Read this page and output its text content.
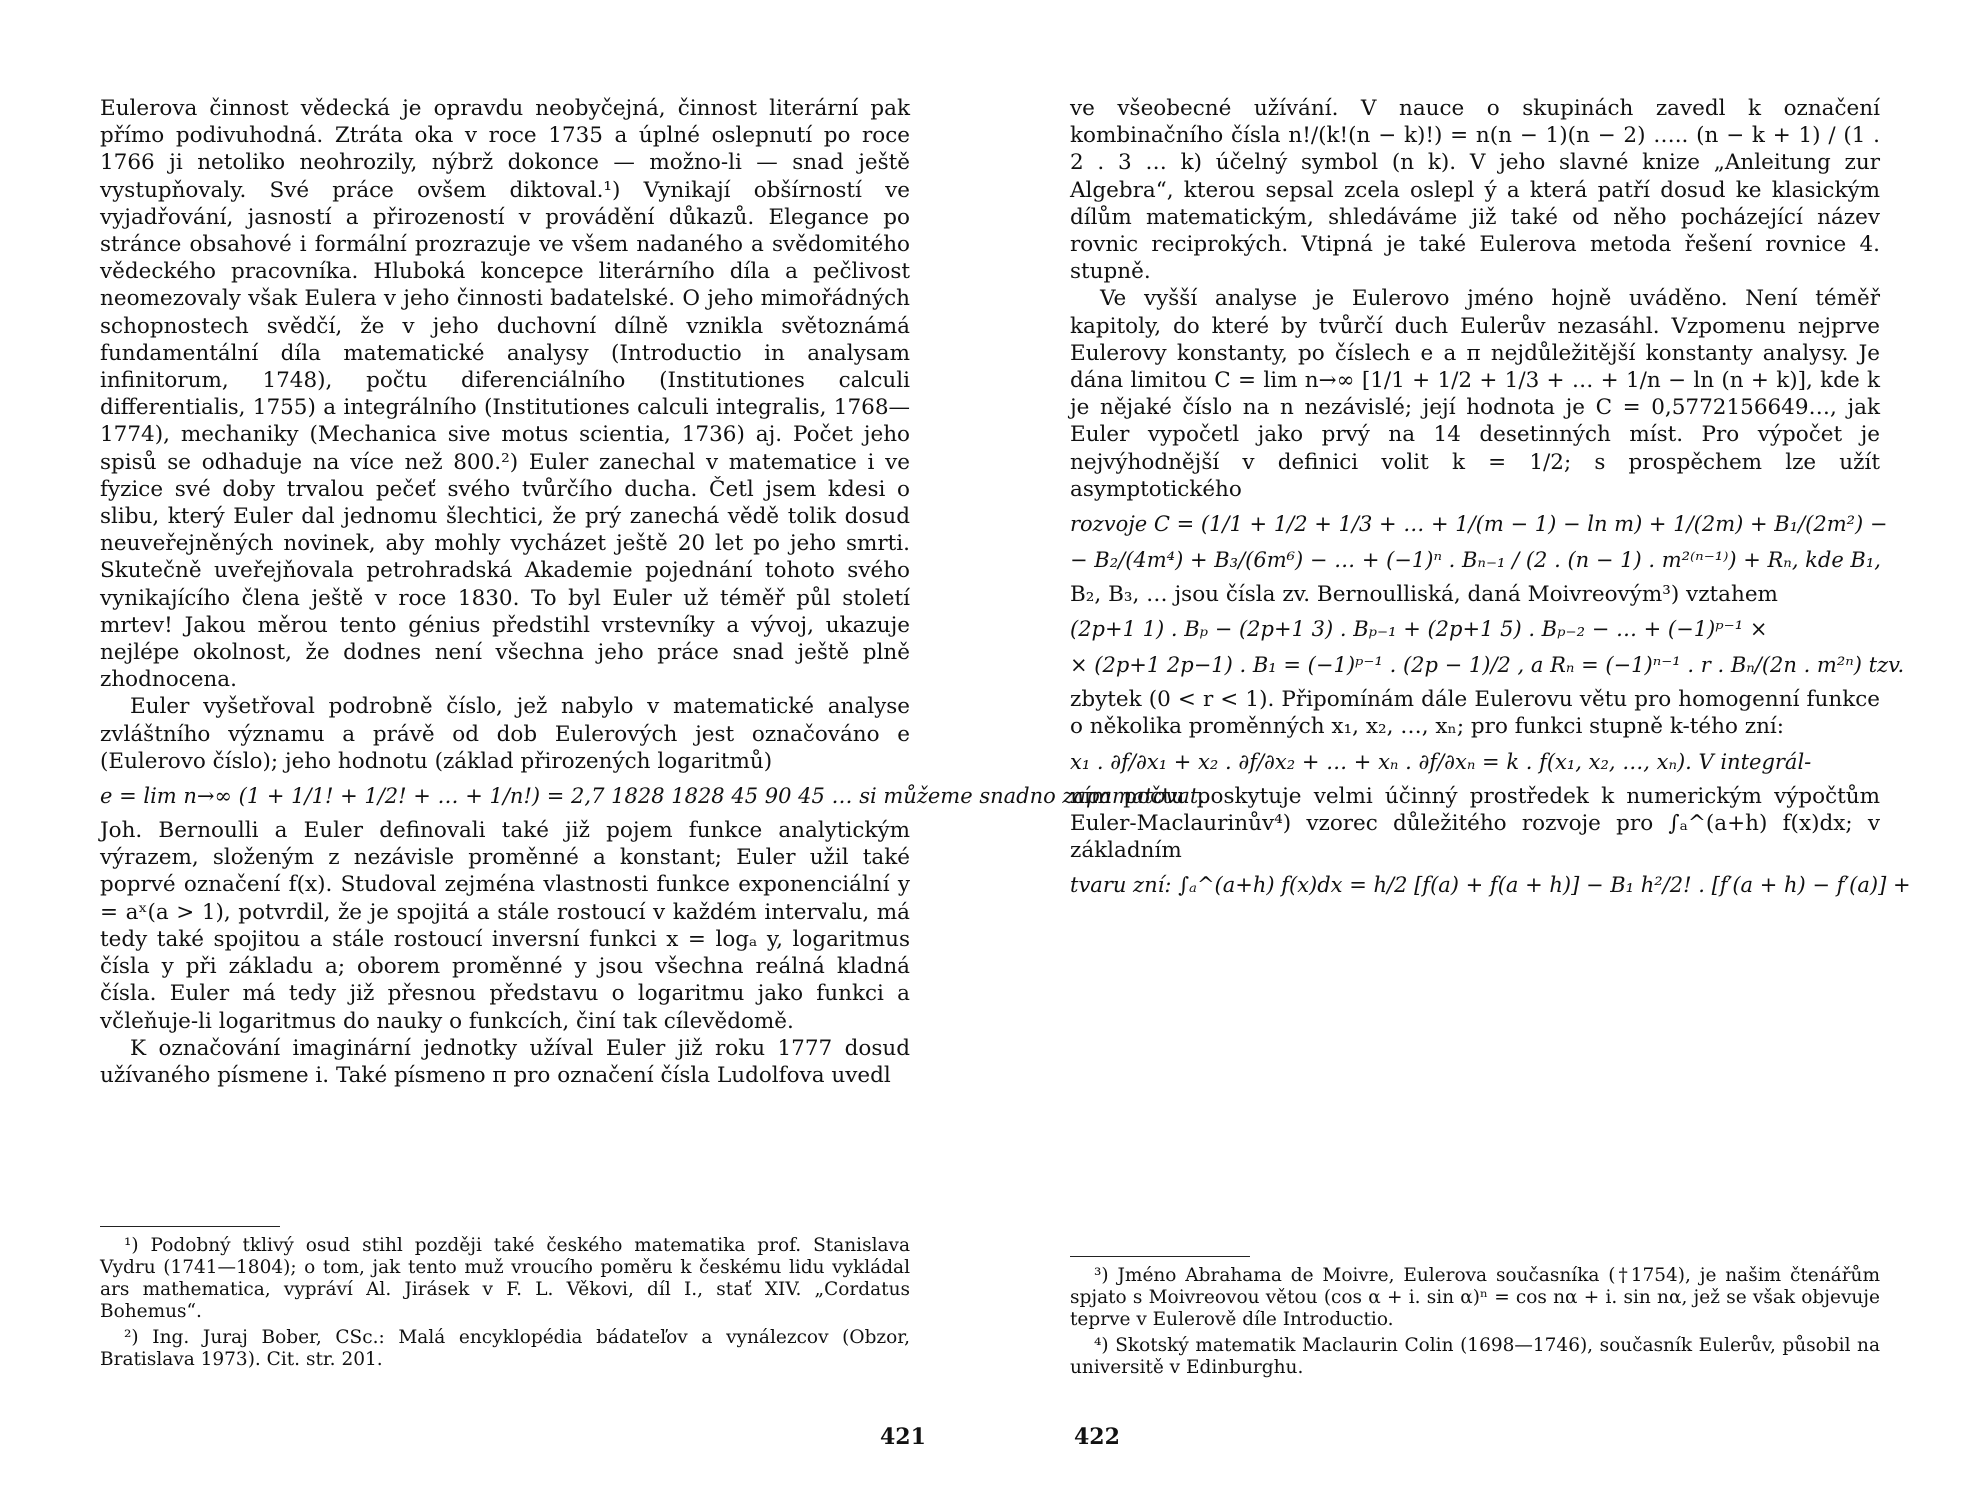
Eulerova činnost vědecká je opravdu neobyčejná, činnost literární pak přímo podivuhodná. Ztráta oka v roce 1735 a úplné oslepnutí po roce 1766 ji netoliko neohrozily, nýbrž dokonce — možno-li — snad ještě vystupňovaly. Své práce ovšem diktoval.¹) Vynikají obšírností ve vyjadřování, jasností a přirozeností v provádění důkazů. Elegance po stránce obsahové i formální prozrazuje ve všem nadaného a svědomitého vědeckého pracovníka. Hluboká koncepce literárního díla a pečlivost neomezovaly však Eulera v jeho činnosti badatelské. O jeho mimořádných schopnostech svědčí, že v jeho duchovní dílně vznikla světoznámá fundamentální díla matematické analysy (Introductio in analysam infinitorum, 1748), počtu diferenciálního (Institutiones calculi differentialis, 1755) a integrálního (Institutiones calculi integralis, 1768—1774), mechaniky (Mechanica sive motus scientia, 1736) aj. Počet jeho spisů se odhaduje na více než 800.²) Euler zanechal v matematice i ve fyzice své doby trvalou pečeť svého tvůrčího ducha. Četl jsem kdesi o slibu, který Euler dal jednomu šlechtici, že prý zanechá vědě tolik dosud neuveřejněných novinek, aby mohly vycházet ještě 20 let po jeho smrti. Skutečně uveřejňovala petrohradská Akademie pojednání tohoto svého vynikajícího člena ještě v roce 1830. To byl Euler už téměř půl století mrtev! Jakou měrou tento génius předstihl vrstevníky a vývoj, ukazuje nejlépe okolnost, že dodnes není všechna jeho práce snad ještě plně zhodnocena.

Euler vyšetřoval podrobně číslo, jež nabylo v matematické analyse zvláštního významu a právě od dob Eulerových jest označováno e (Eulerovo číslo); jeho hodnotu (základ přirozených logaritmů)

e = lim n→∞ (1 + 1/1! + 1/2! + … + 1/n!) = 2,7 1828 1828 45 90 45 … si můžeme snadno zapamatovat.

Joh. Bernoulli a Euler definovali také již pojem funkce analytickým výrazem, složeným z nezávisle proměnné a konstant; Euler užil také poprvé označení f(x). Studoval zejména vlastnosti funkce exponenciální y = aˣ(a > 1), potvrdil, že je spojitá a stále rostoucí v každém intervalu, má tedy také spojitou a stále rostoucí inversní funkci x = logₐ y, logaritmus čísla y při základu a; oborem proměnné y jsou všechna reálná kladná čísla. Euler má tedy již přesnou představu o logaritmu jako funkci a včleňuje-li logaritmus do nauky o funkcích, činí tak cílevědomě.

K označování imaginární jednotky užíval Euler již roku 1777 dosud užívaného písmene i. Také písmeno π pro označení čísla Ludolfova uvedl

¹) Podobný tklivý osud stihl později také českého matematika prof. Stanislava Vydru (1741—1804); o tom, jak tento muž vroucího poměru k českému lidu vykládal ars mathematica, vypráví Al. Jirásek v F. L. Věkovi, díl I., stať XIV. „Cordatus Bohemus“.

²) Ing. Juraj Bober, CSc.: Malá encyklopédia bádateľov a vynálezcov (Obzor, Bratislava 1973). Cit. str. 201.

421

ve všeobecné užívání. V nauce o skupinách zavedl k označení kombinačního čísla n!/(k!(n − k)!) = n(n − 1)(n − 2) ….. (n − k + 1) / (1 . 2 . 3 … k) účelný symbol (n k). V jeho slavné knize „Anleitung zur Algebra“, kterou sepsal zcela oslepl ý a která patří dosud ke klasickým dílům matematickým, shledáváme již také od něho pocházející název rovnic reciprokých. Vtipná je také Eulerova metoda řešení rovnice 4. stupně.

Ve vyšší analyse je Eulerovo jméno hojně uváděno. Není téměř kapitoly, do které by tvůrčí duch Eulerův nezasáhl. Vzpomenu nejprve Eulerovy konstanty, po číslech e a π nejdůležitější konstanty analysy. Je dána limitou C = lim n→∞ [1/1 + 1/2 + 1/3 + … + 1/n − ln (n + k)], kde k je nějaké číslo na n nezávislé; její hodnota je C = 0,5772156649…, jak Euler vypočetl jako prvý na 14 desetinných míst. Pro výpočet je nejvýhodnější v definici volit k = 1/2; s prospěchem lze užít asymptotického

rozvoje C = (1/1 + 1/2 + 1/3 + … + 1/(m − 1) − ln m) + 1/(2m) + B₁/(2m²) −
− B₂/(4m⁴) + B₃/(6m⁶) − … + (−1)ⁿ . Bₙ₋₁ / (2 . (n − 1) . m²⁽ⁿ⁻¹⁾) + Rₙ, kde B₁,

B₂, B₃, … jsou čísla zv. Bernoulliská, daná Moivreovým³) vztahem

(2p+1 1) . Bₚ − (2p+1 3) . Bₚ₋₁ + (2p+1 5) . Bₚ₋₂ − … + (−1)ᵖ⁻¹ ×
× (2p+1 2p−1) . B₁ = (−1)ᵖ⁻¹ . (2p − 1)/2 , a Rₙ = (−1)ⁿ⁻¹ . r . Bₙ/(2n . m²ⁿ) tzv.

zbytek (0 < r < 1). Připomínám dále Eulerovu větu pro homogenní funkce o několika proměnných x₁, x₂, …, xₙ; pro funkci stupně k-tého zní:

x₁ . ∂f/∂x₁ + x₂ . ∂f/∂x₂ + … + xₙ . ∂f/∂xₙ = k . f(x₁, x₂, …, xₙ). V integrál-

ním počtu poskytuje velmi účinný prostředek k numerickým výpočtům Euler-Maclaurinův⁴) vzorec důležitého rozvoje pro ∫ₐ^(a+h) f(x)dx; v základním

tvaru zní: ∫ₐ^(a+h) f(x)dx = h/2 [f(a) + f(a + h)] − B₁ h²/2! . [f′(a + h) − f′(a)] +

³) Jméno Abrahama de Moivre, Eulerova současníka (†1754), je našim čtenářům spjato s Moivreovou větou (cos α + i. sin α)ⁿ = cos nα + i. sin nα, jež se však objevuje teprve v Eulerově díle Introductio.

⁴) Skotský matematik Maclaurin Colin (1698—1746), současník Eulerův, působil na universitě v Edinburghu.

422
